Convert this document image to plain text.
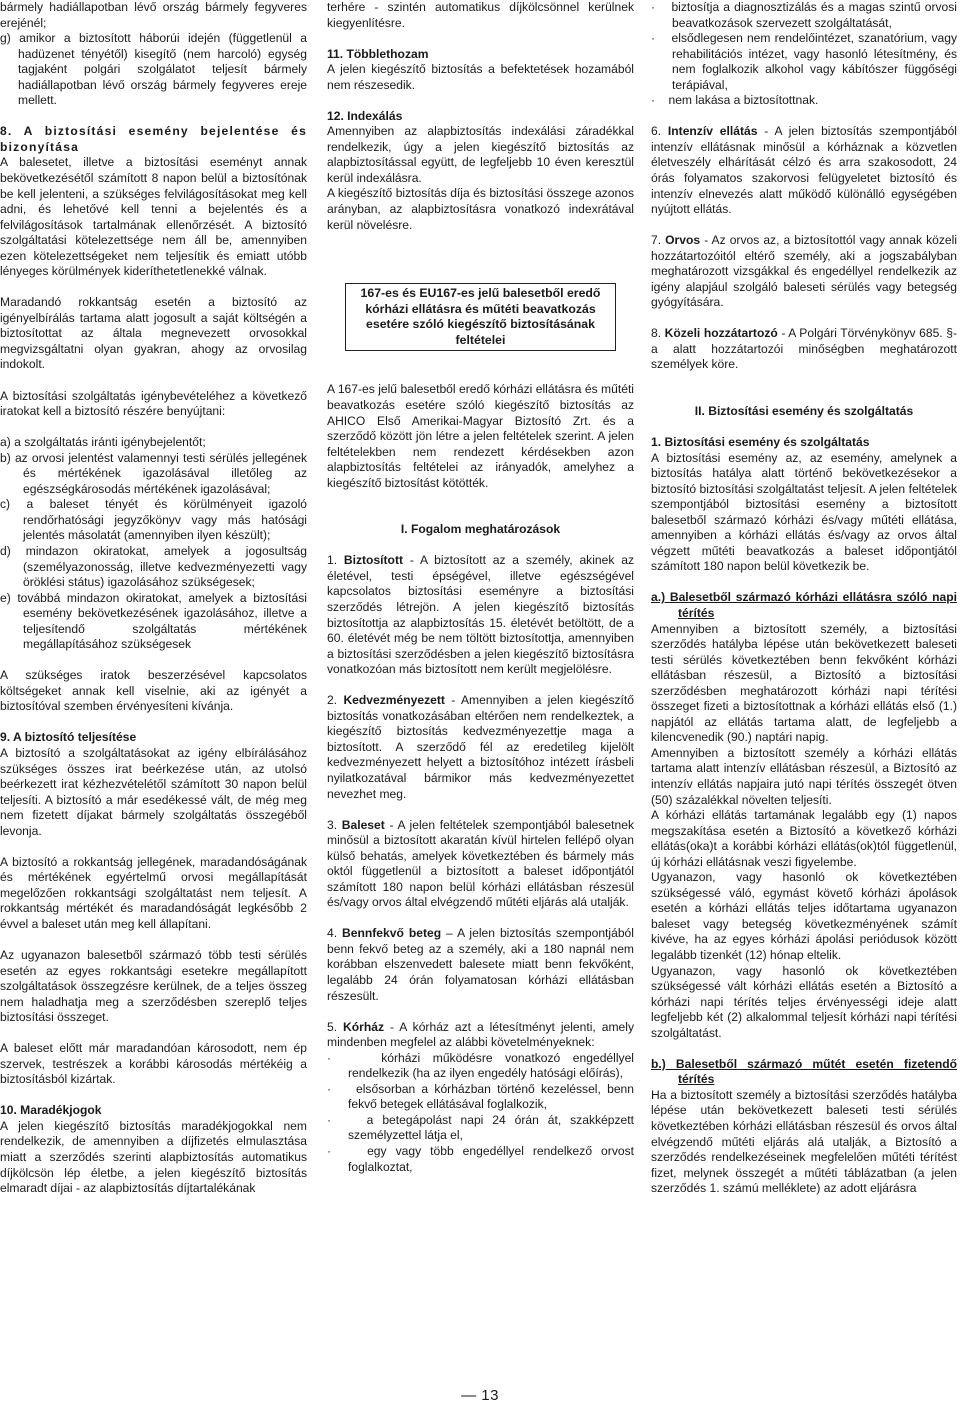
bármely hadiállapotban lévő ország bármely fegyveres erejénél;

g) amikor a biztosított háborúi idején (függetlenül a hadüzenet tényétől) kisegítő (nem harcoló) egység tagjaként polgári szolgálatot teljesít bármely hadiállapotban lévő ország bármely fegyveres ereje mellett.

8. A biztosítási esemény bejelentése és bizonyítása

A balesetet, illetve a biztosítási eseményt annak bekövetkezésétől számított 8 napon belül a biztosítónak be kell jelenteni, a szükséges felvilágosításokat meg kell adni, és lehetővé kell tenni a bejelentés és a felvilágosítások tartalmának ellenőrzését. A biztosító szolgáltatási kötelezettsége nem áll be, amennyiben ezen kötelezettségeket nem teljesítik és emiatt utóbb lényeges körülmények kideríthetetlenekké válnak.

Maradandó rokkantság esetén a biztosító az igényelbírálás tartama alatt jogosult a saját költségén a biztosítottat az általa megnevezett orvosokkal megvizsgáltatni olyan gyakran, ahogy az orvosilag indokolt.

A biztosítási szolgáltatás igénybevételéhez a következő iratokat kell a biztosító részére benyújtani:

a) a szolgáltatás iránti igénybejelentőt;

b) az orvosi jelentést valamennyi testi sérülés jellegének és mértékének igazolásával illetőleg az egészségkárosodás mértékének igazolásával;

c) a baleset tényét és körülményeit igazoló rendőrhatósági jegyzőkönyv vagy más hatósági jelentés másolatát (amennyiben ilyen készült);

d) mindazon okiratokat, amelyek a jogosultság (személyazonosság, illetve kedvezményezetti vagy öröklési státus) igazolásához szükségesek;

e) továbbá mindazon okiratokat, amelyek a biztosítási esemény bekövetkezésének igazolásához, illetve a teljesítendő szolgáltatás mértékének megállapításához szükségesek

A szükséges iratok beszerzésével kapcsolatos költségeket annak kell viselnie, aki az igényét a biztosítóval szemben érvényesíteni kívánja.

9. A biztosító teljesítése

A biztosító a szolgáltatásokat az igény elbírálásához szükséges összes irat beérkezése után, az utolsó beérkezett irat kézhezvételétől számított 30 napon belül teljesíti. A biztosító a már esedékessé vált, de még meg nem fizetett díjakat bármely szolgáltatás összegéből levonja.

A biztosító a rokkantság jellegének, maradandóságának és mértékének egyértelmű orvosi megállapítását megelőzően rokkantsági szolgáltatást nem teljesít. A rokkantság mértékét és maradandóságát legkésőbb 2 évvel a baleset után meg kell állapítani.

Az ugyanazon balesetből származó több testi sérülés esetén az egyes rokkantsági esetekre megállapított szolgáltatások összegzésre kerülnek, de a teljes összeg nem haladhatja meg a szerződésben szereplő teljes biztosítási összeget.

A baleset előtt már maradandóan károsodott, nem ép szervek, testrészek a korábbi károsodás mértékéig a biztosításból kizártak.

10. Maradékjogok

A jelen kiegészítő biztosítás maradékjogokkal nem rendelkezik, de amennyiben a díjfizetés elmulasztása miatt a szerződés szerinti alapbiztosítás automatikus díjkölcsön lép életbe, a jelen kiegészítő biztosítás elmaradt díjai - az alapbiztosítás díjtartalékának

terhére - szintén automatikus díjkölcsönnel kerülnek kiegyenlítésre.

11. Többlethozam

A jelen kiegészítő biztosítás a befektetések hozamából nem részesedik.

12. Indexálás

Amennyiben az alapbiztosítás indexálási záradékkal rendelkezik, úgy a jelen kiegészítő biztosítás az alapbiztosítással együtt, de legfeljebb 10 éven keresztül kerül indexálásra.

A kiegészítő biztosítás díja és biztosítási összege azonos arányban, az alapbiztosításra vonatkozó indexrátával kerül növelésre.

167-es és EU167-es jelű balesetből eredő kórházi ellátásra és műtéti beavatkozás esetére szóló kiegészítő biztosításának feltételei

A 167-es jelű balesetből eredő kórházi ellátásra és műtéti beavatkozás esetére szóló kiegészítő biztosítás az AHICO Első Amerikai-Magyar Biztosító Zrt. és a szerződő között jön létre a jelen feltételek szerint. A jelen feltételekben nem rendezett kérdésekben azon alapbiztosítás feltételei az irányadók, amelyhez a kiegészítő biztosítást kötötték.

I. Fogalom meghatározások

1. Biztosított - A biztosított az a személy, akinek az életével, testi épségével, illetve egészségével kapcsolatos biztosítási eseményre a biztosítási szerződés létrejön. A jelen kiegészítő biztosítás biztosítottja az alapbiztosítás 15. életévét betöltött, de a 60. életévét még be nem töltött biztosítottja, amennyiben a biztosítási szerződésben a jelen kiegészítő biztosításra vonatkozóan más biztosított nem került megjelölésre.

2. Kedvezményezett - Amennyiben a jelen kiegészítő biztosítás vonatkozásában eltérően nem rendelkeztek, a kiegészítő biztosítás kedvezményezettje maga a biztosított. A szerződő fél az eredetileg kijelölt kedvezményezett helyett a biztosítóhoz intézett írásbeli nyilatkozatával bármikor más kedvezményezettet nevezhet meg.

3. Baleset - A jelen feltételek szempontjából balesetnek minősül a biztosított akaratán kívül hirtelen fellépő olyan külső behatás, amelyek következtében és bármely más októl függetlenül a biztosított a baleset időpontjától számított 180 napon belül kórházi ellátásban részesül és/vagy orvos által elvégzendő műtéti eljárás alá utalják.

4. Bennfekvő beteg – A jelen biztosítás szempontjából benn fekvő beteg az a személy, aki a 180 napnál nem korábban elszenvedett balesete miatt benn fekvőként, legalább 24 órán folyamatosan kórházi ellátásban részesült.

5. Kórház - A kórház azt a létesítményt jelenti, amely mindenben megfelel az alábbi követelményeknek:

·    kórházi működésre vonatkozó engedéllyel rendelkezik (ha az ilyen engedély hatósági előírás),

·    elsősorban a kórházban történő kezeléssel, benn fekvő betegek ellátásával foglalkozik,

·    a betegápolást napi 24 órán át, szakképzett személyzettel látja el,

·    egy vagy több engedéllyel rendelkező orvost foglalkoztat,

·    biztosítja a diagnosztizálás és a magas szintű orvosi beavatkozások szervezett szolgáltatását,

·    elsődlegesen nem rendelőintézet, szanatórium, vagy rehabilitációs intézet, vagy hasonló létesítmény, és nem foglalkozik alkohol vagy kábítószer függőségi terápiával,

·    nem lakása a biztosítottnak.

6. Intenzív ellátás - A jelen biztosítás szempontjából intenzív ellátásnak minősül a kórháznak a közvetlen életveszély elhárítását célzó és arra szakosodott, 24 órás folyamatos szakorvosi felügyeletet biztosító és intenzív elnevezés alatt működő különálló egységében nyújtott ellátás.

7. Orvos - Az orvos az, a biztosítottól vagy annak közeli hozzátartozóitól eltérő személy, aki a jogszabályban meghatározott vizsgákkal és engedéllyel rendelkezik az igény alapjául szolgáló baleseti sérülés vagy betegség gyógyítására.

8. Közeli hozzátartozó - A Polgári Törvénykönyv 685. §-a alatt hozzátartozói minőségben meghatározott személyek köre.

II. Biztosítási esemény és szolgáltatás

1. Biztosítási esemény és szolgáltatás

A biztosítási esemény az, az esemény, amelynek a biztosítás hatálya alatt történő bekövetkezésekor a biztosító biztosítási szolgáltatást teljesít. A jelen feltételek szempontjából biztosítási esemény a biztosított balesetből származó kórházi és/vagy műtéti ellátása, amennyiben a kórházi ellátás és/vagy az orvos által végzett műtéti beavatkozás a baleset időpontjától számított 180 napon belül következik be.

a.) Balesetből származó kórházi ellátásra szóló napi térítés

Amennyiben a biztosított személy, a biztosítási szerződés hatályba lépése után bekövetkezett baleseti testi sérülés következtében benn fekvőként kórházi ellátásban részesül, a Biztosító a biztosítási szerződésben meghatározott kórházi napi térítési összeget fizeti a biztosítottnak a kórházi ellátás első (1.) napjától az ellátás tartama alatt, de legfeljebb a kilencvenedik (90.) naptári napig.

Amennyiben a biztosított személy a kórházi ellátás tartama alatt intenzív ellátásban részesül, a Biztosító az intenzív ellátás napjaira jutó napi térítés összegét ötven (50) százalékkal növelten teljesíti.

A kórházi ellátás tartamának legalább egy (1) napos megszakítása esetén a Biztosító a következő kórházi ellátás(oka)t a korábbi kórházi ellátás(ok)tól függetlenül, új kórházi ellátásnak veszi figyelembe.

Ugyanazon, vagy hasonló ok következtében szükségessé váló, egymást követő kórházi ápolások esetén a kórházi ellátás teljes időtartama ugyanazon baleset vagy betegség következményének számít kivéve, ha az egyes kórházi ápolási periódusok között legalább tizenkét (12) hónap eltelik.

Ugyanazon, vagy hasonló ok következtében szükségessé vált kórházi ellátás esetén a Biztosító a kórházi napi térítés teljes érvényességi ideje alatt legfeljebb két (2) alkalommal teljesít kórházi napi térítési szolgáltatást.

b.) Balesetből származó műtét esetén fizetendő térítés

Ha a biztosított személy a biztosítási szerződés hatályba lépése után bekövetkezett baleseti testi sérülés következtében kórházi ellátásban részesül és orvos által elvégzendő műtéti eljárás alá utalják, a Biztosító a szerződés rendelkezéseinek megfelelően műtéti térítést fizet, melynek összegét a műtéti táblázatban (a jelen szerződés 1. számú melléklete) az adott eljárásra

— 13
